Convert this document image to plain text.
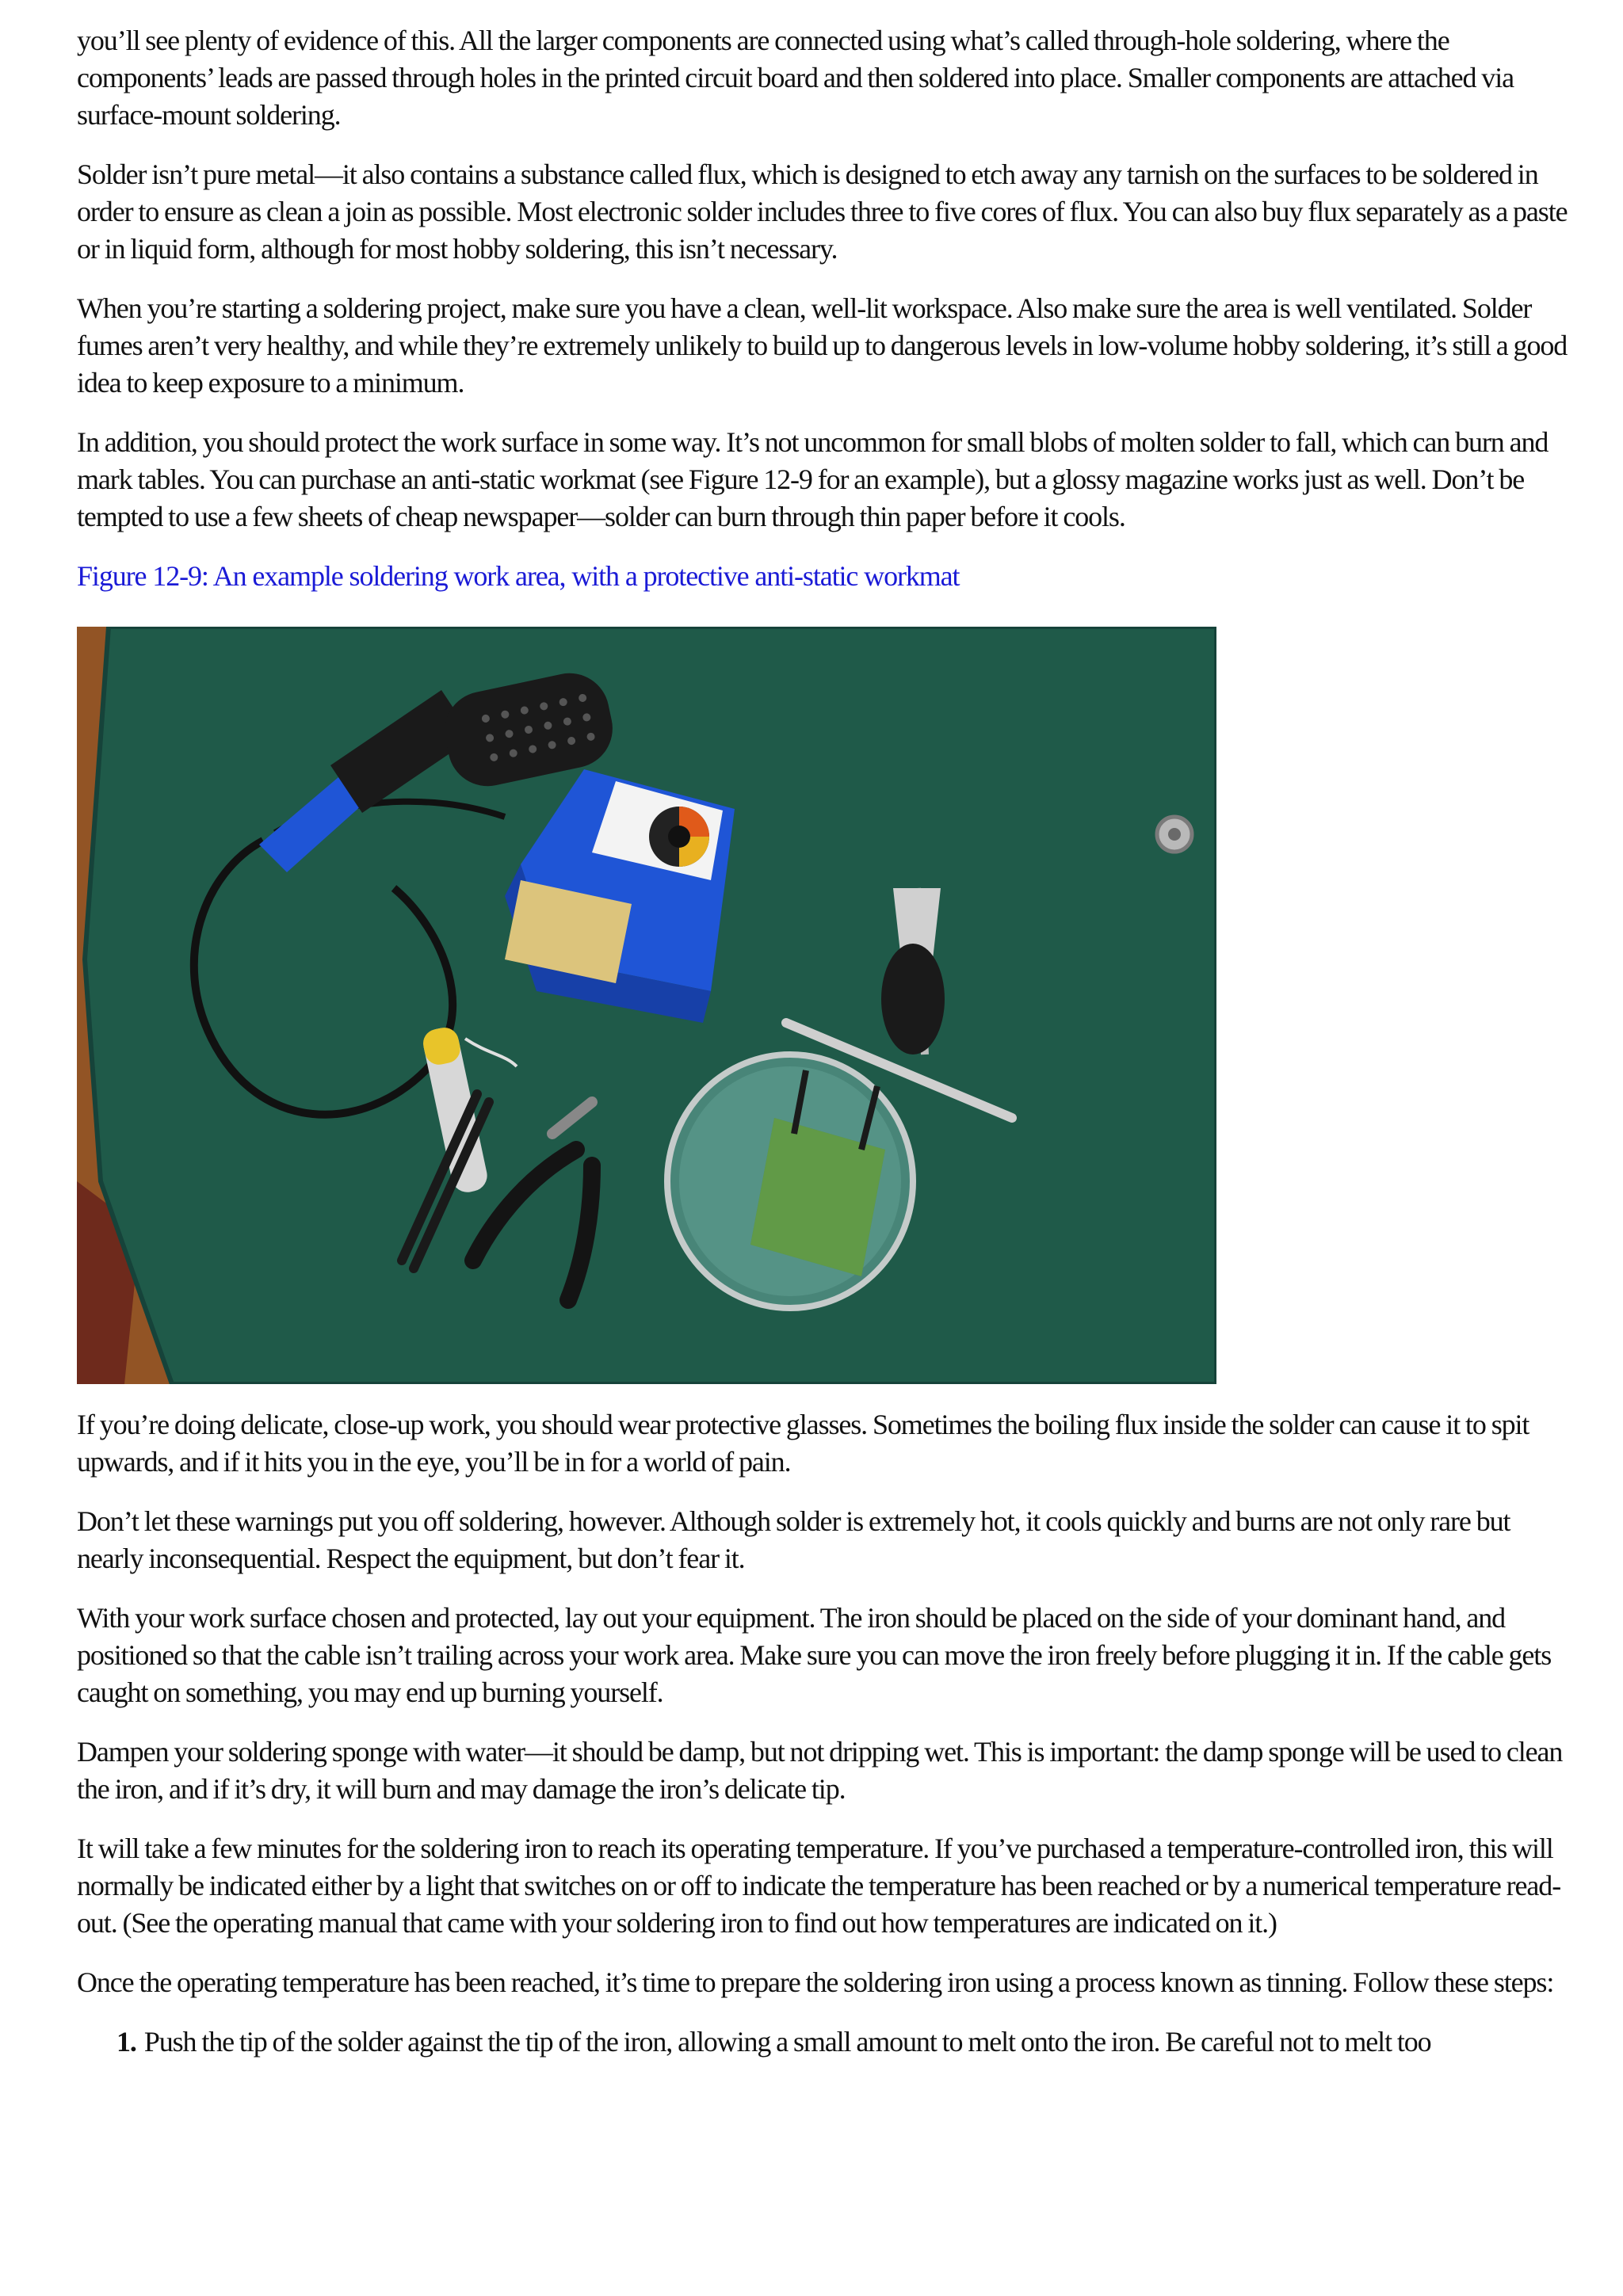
you’ll see plenty of evidence of this. All the larger components are connected using what’s called through-hole soldering, where the components’ leads are passed through holes in the printed circuit board and then soldered into place. Smaller components are attached via surface-mount soldering.

Solder isn’t pure metal—it also contains a substance called flux, which is designed to etch away any tarnish on the surfaces to be soldered in order to ensure as clean a join as possible. Most electronic solder includes three to five cores of flux. You can also buy flux separately as a paste or in liquid form, although for most hobby soldering, this isn’t necessary.

When you’re starting a soldering project, make sure you have a clean, well-lit workspace. Also make sure the area is well ventilated. Solder fumes aren’t very healthy, and while they’re extremely unlikely to build up to dangerous levels in low-volume hobby soldering, it’s still a good idea to keep exposure to a minimum.

In addition, you should protect the work surface in some way. It’s not uncommon for small blobs of molten solder to fall, which can burn and mark tables. You can purchase an anti-static workmat (see Figure 12-9 for an example), but a glossy magazine works just as well. Don’t be tempted to use a few sheets of cheap newspaper—solder can burn through thin paper before it cools.

Figure 12-9: An example soldering work area, with a protective anti-static workmat

If you’re doing delicate, close-up work, you should wear protective glasses. Sometimes the boiling flux inside the solder can cause it to spit upwards, and if it hits you in the eye, you’ll be in for a world of pain.

Don’t let these warnings put you off soldering, however. Although solder is extremely hot, it cools quickly and burns are not only rare but nearly inconsequential. Respect the equipment, but don’t fear it.

With your work surface chosen and protected, lay out your equipment. The iron should be placed on the side of your dominant hand, and positioned so that the cable isn’t trailing across your work area. Make sure you can move the iron freely before plugging it in. If the cable gets caught on something, you may end up burning yourself.

Dampen your soldering sponge with water—it should be damp, but not dripping wet. This is important: the damp sponge will be used to clean the iron, and if it’s dry, it will burn and may damage the iron’s delicate tip.

It will take a few minutes for the soldering iron to reach its operating temperature. If you’ve purchased a temperature-controlled iron, this will normally be indicated either by a light that switches on or off to indicate the temperature has been reached or by a numerical temperature read-out. (See the operating manual that came with your soldering iron to find out how temperatures are indicated on it.)

Once the operating temperature has been reached, it’s time to prepare the soldering iron using a process known as tinning. Follow these steps:

1. Push the tip of the solder against the tip of the iron, allowing a small amount to melt onto the iron. Be careful not to melt too
